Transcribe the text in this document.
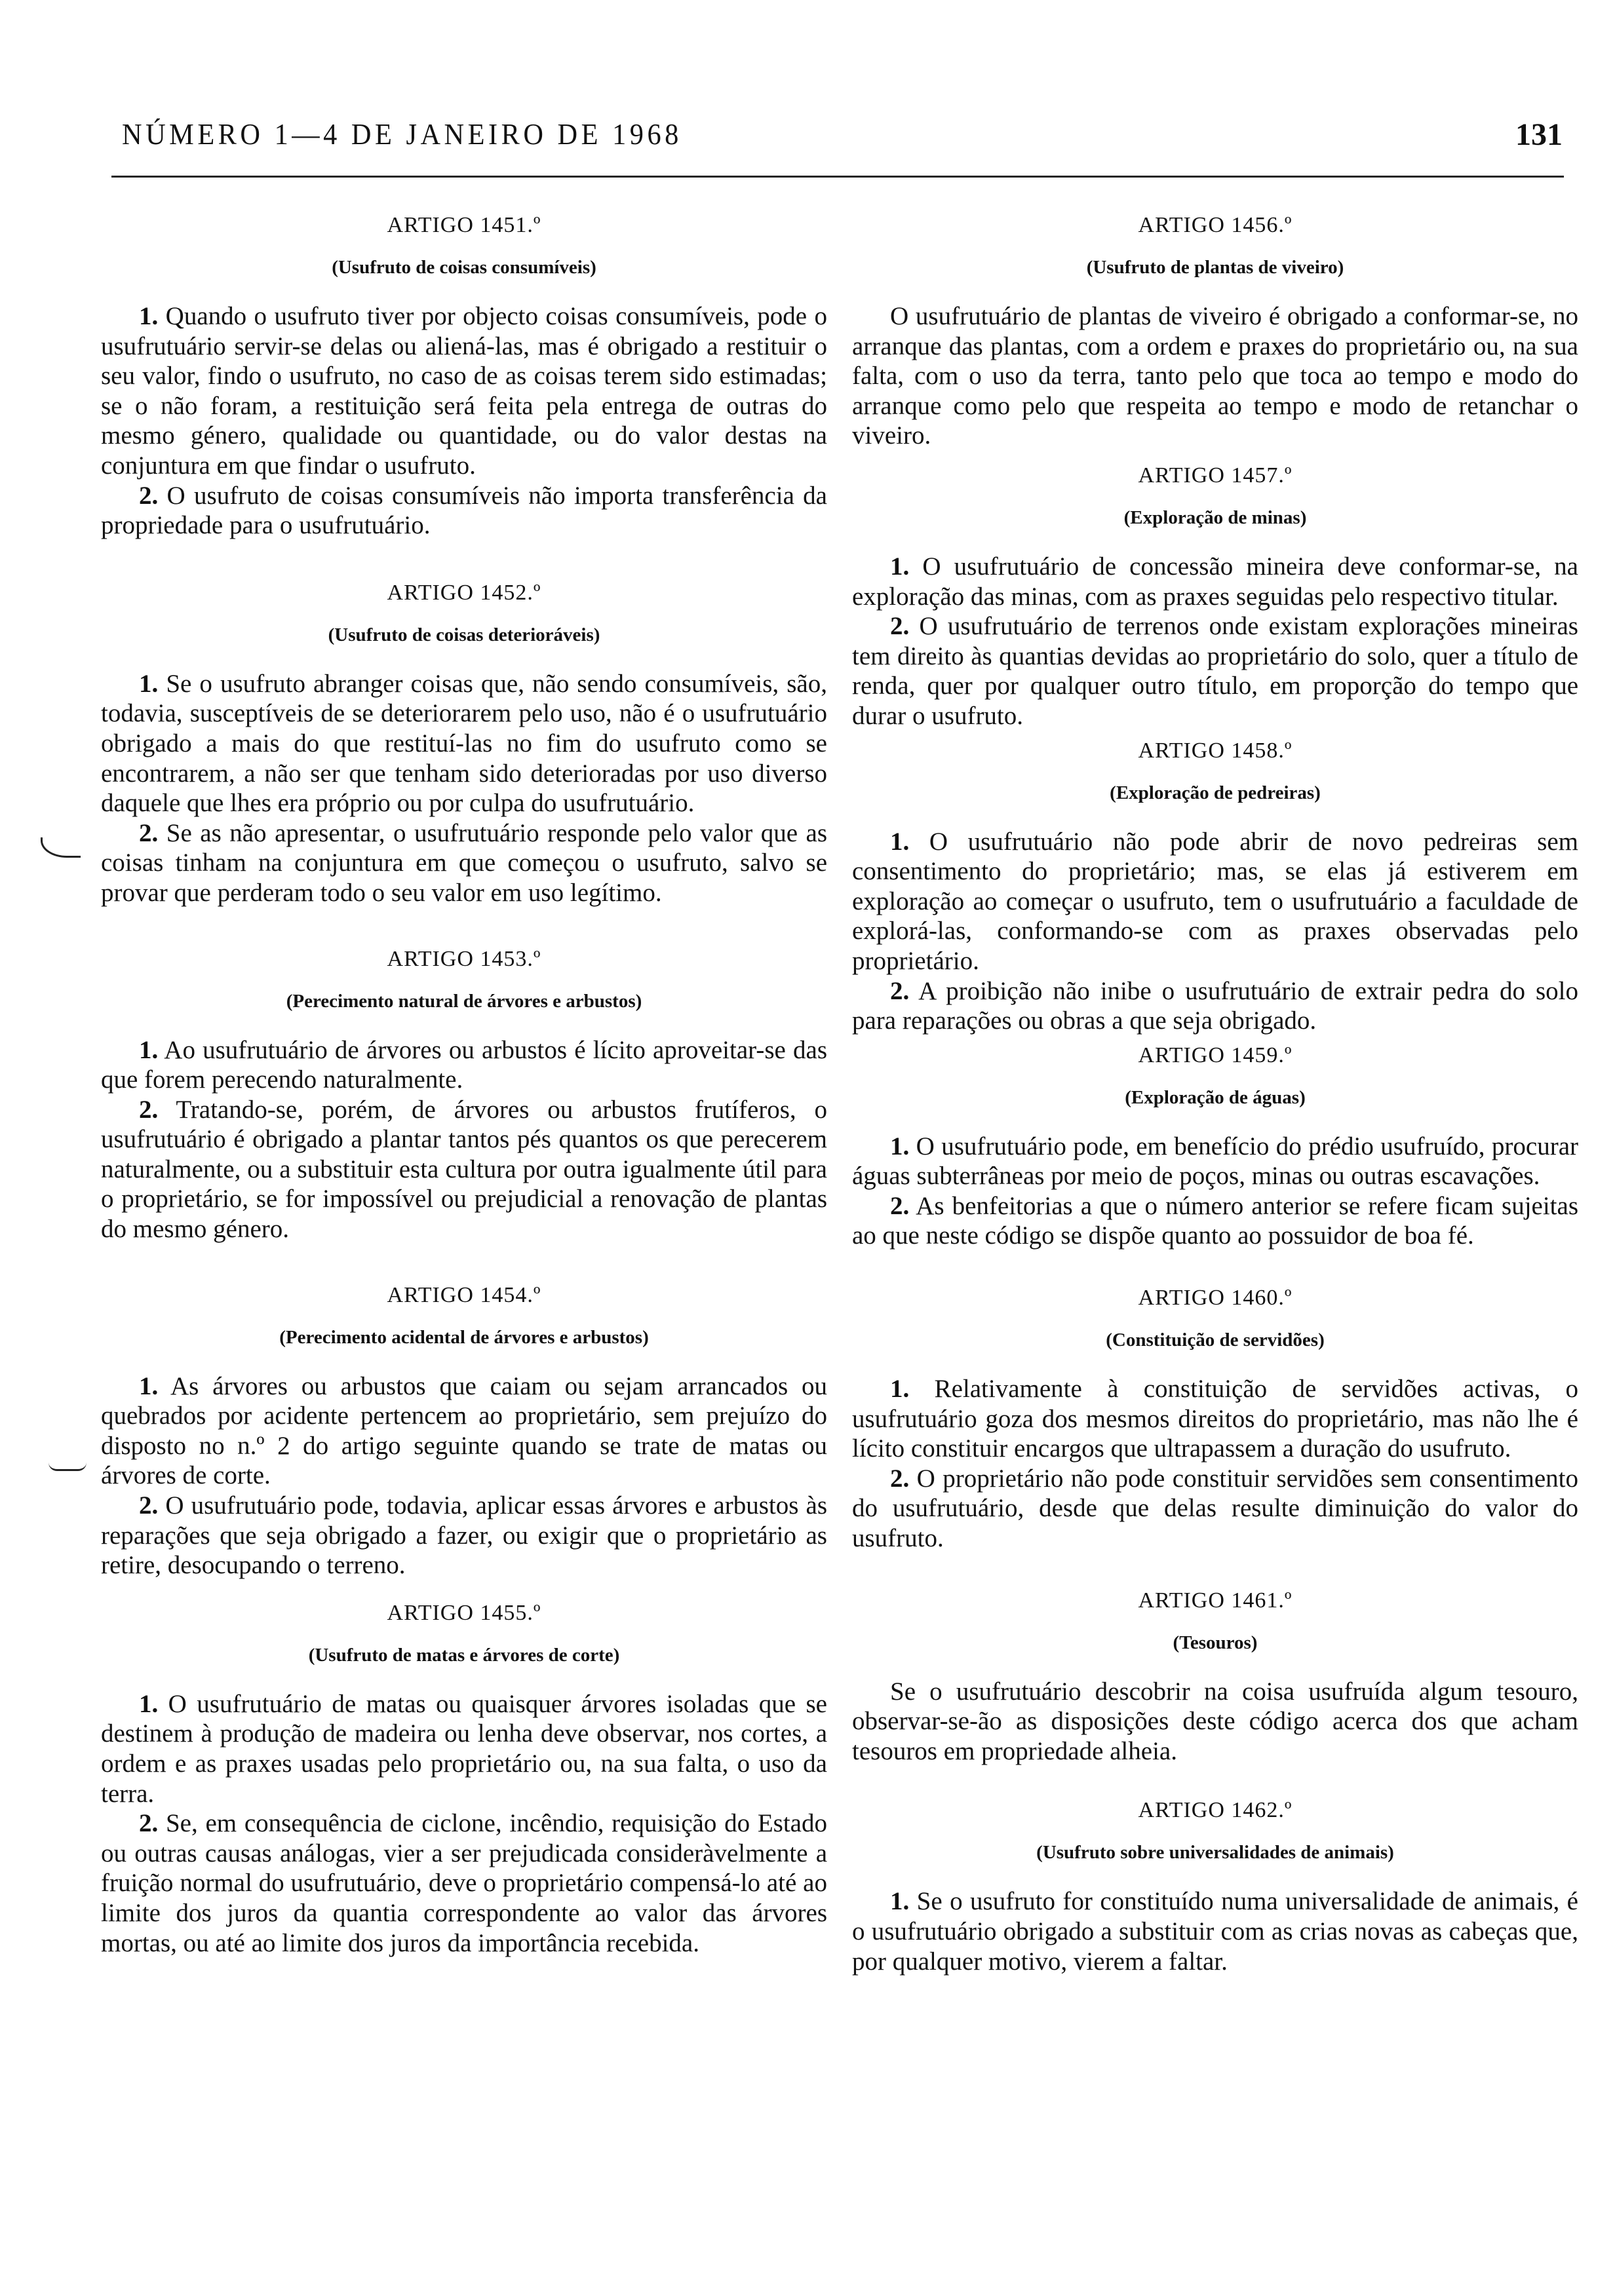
NÚMERO 1—4 DE JANEIRO DE 1968	131
ARTIGO 1451.º
(Usufruto de coisas consumíveis)

1. Quando o usufruto tiver por objecto coisas consumíveis, pode o usufrutuário servir-se delas ou aliená-las, mas é obrigado a restituir o seu valor, findo o usufruto, no caso de as coisas terem sido estimadas; se o não foram, a restituição será feita pela entrega de outras do mesmo género, qualidade ou quantidade, ou do valor destas na conjuntura em que findar o usufruto.

2. O usufruto de coisas consumíveis não importa transferência da propriedade para o usufrutuário.

ARTIGO 1452.º
(Usufruto de coisas deterioráveis)

1. Se o usufruto abranger coisas que, não sendo consumíveis, são, todavia, susceptíveis de se deteriorarem pelo uso, não é o usufrutuário obrigado a mais do que restituí-las no fim do usufruto como se encontrarem, a não ser que tenham sido deterioradas por uso diverso daquele que lhes era próprio ou por culpa do usufrutuário.

2. Se as não apresentar, o usufrutuário responde pelo valor que as coisas tinham na conjuntura em que começou o usufruto, salvo se provar que perderam todo o seu valor em uso legítimo.

ARTIGO 1453.º
(Perecimento natural de árvores e arbustos)

1. Ao usufrutuário de árvores ou arbustos é lícito aproveitar-se das que forem perecendo naturalmente.

2. Tratando-se, porém, de árvores ou arbustos frutíferos, o usufrutuário é obrigado a plantar tantos pés quantos os que perecerem naturalmente, ou a substituir esta cultura por outra igualmente útil para o proprietário, se for impossível ou prejudicial a renovação de plantas do mesmo género.

ARTIGO 1454.º
(Perecimento acidental de árvores e arbustos)

1. As árvores ou arbustos que caiam ou sejam arrancados ou quebrados por acidente pertencem ao proprietário, sem prejuízo do disposto no n.º 2 do artigo seguinte quando se trate de matas ou árvores de corte.

2. O usufrutuário pode, todavia, aplicar essas árvores e arbustos às reparações que seja obrigado a fazer, ou exigir que o proprietário as retire, desocupando o terreno.

ARTIGO 1455.º
(Usufruto de matas e árvores de corte)

1. O usufrutuário de matas ou quaisquer árvores isoladas que se destinem à produção de madeira ou lenha deve observar, nos cortes, a ordem e as praxes usadas pelo proprietário ou, na sua falta, o uso da terra.

2. Se, em consequência de ciclone, incêndio, requisição do Estado ou outras causas análogas, vier a ser prejudicada consideràvelmente a fruição normal do usufrutuário, deve o proprietário compensá-lo até ao limite dos juros da quantia correspondente ao valor das árvores mortas, ou até ao limite dos juros da importância recebida.

ARTIGO 1456.º
(Usufruto de plantas de viveiro)

O usufrutuário de plantas de viveiro é obrigado a conformar-se, no arranque das plantas, com a ordem e praxes do proprietário ou, na sua falta, com o uso da terra, tanto pelo que toca ao tempo e modo do arranque como pelo que respeita ao tempo e modo de retanchar o viveiro.

ARTIGO 1457.º
(Exploração de minas)

1. O usufrutuário de concessão mineira deve conformar-se, na exploração das minas, com as praxes seguidas pelo respectivo titular.

2. O usufrutuário de terrenos onde existam explorações mineiras tem direito às quantias devidas ao proprietário do solo, quer a título de renda, quer por qualquer outro título, em proporção do tempo que durar o usufruto.

ARTIGO 1458.º
(Exploração de pedreiras)

1. O usufrutuário não pode abrir de novo pedreiras sem consentimento do proprietário; mas, se elas já estiverem em exploração ao começar o usufruto, tem o usufrutuário a faculdade de explorá-las, conformando-se com as praxes observadas pelo proprietário.

2. A proibição não inibe o usufrutuário de extrair pedra do solo para reparações ou obras a que seja obrigado.

ARTIGO 1459.º
(Exploração de águas)

1. O usufrutuário pode, em benefício do prédio usufruído, procurar águas subterrâneas por meio de poços, minas ou outras escavações.

2. As benfeitorias a que o número anterior se refere ficam sujeitas ao que neste código se dispõe quanto ao possuidor de boa fé.

ARTIGO 1460.º
(Constituição de servidões)

1. Relativamente à constituição de servidões activas, o usufrutuário goza dos mesmos direitos do proprietário, mas não lhe é lícito constituir encargos que ultrapassem a duração do usufruto.

2. O proprietário não pode constituir servidões sem consentimento do usufrutuário, desde que delas resulte diminuição do valor do usufruto.

ARTIGO 1461.º
(Tesouros)

Se o usufrutuário descobrir na coisa usufruída algum tesouro, observar-se-ão as disposições deste código acerca dos que acham tesouros em propriedade alheia.

ARTIGO 1462.º
(Usufruto sobre universalidades de animais)

1. Se o usufruto for constituído numa universalidade de animais, é o usufrutuário obrigado a substituir com as crias novas as cabeças que, por qualquer motivo, vierem a faltar.
